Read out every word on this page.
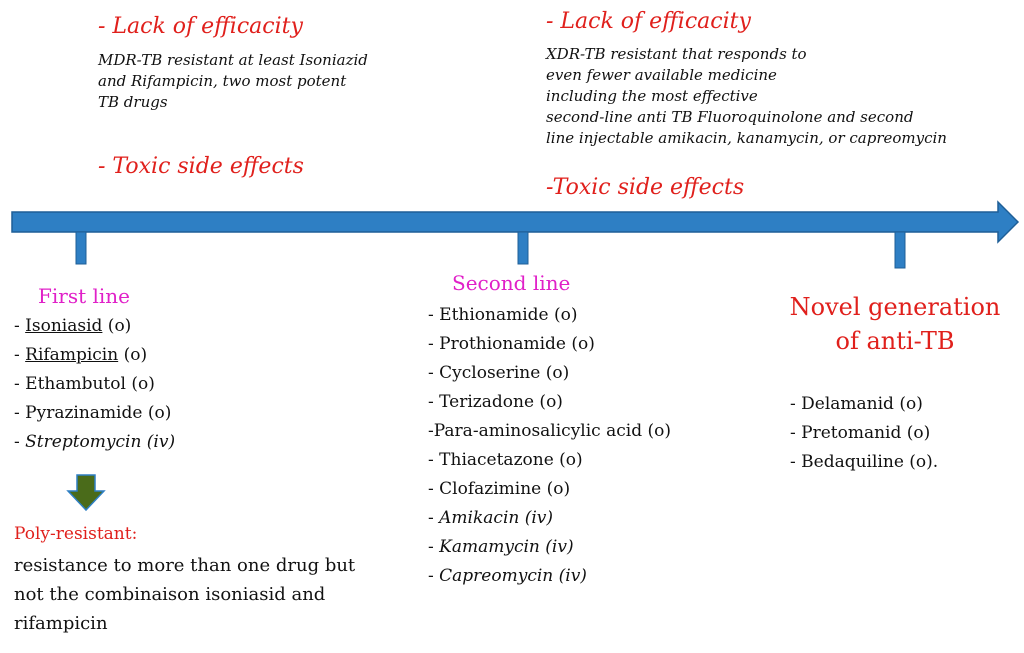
- Lack of efficacity
MDR-TB resistant at least Isoniazid
and Rifampicin, two most potent
TB drugs
- Toxic side effects
- Lack of efficacity
XDR-TB resistant that responds to
even fewer available medicine
including the most effective
second-line anti TB Fluoroquinolone and second
line injectable amikacin, kanamycin, or capreomycin
-Toxic side effects
First line
- Isoniasid (o)
- Rifampicin (o)
- Ethambutol (o)
- Pyrazinamide (o)
- Streptomycin (iv)
Poly-resistant:
resistance to more than one drug but
not the combinaison isoniasid and
rifampicin
Second line
- Ethionamide (o)
- Prothionamide (o)
- Cycloserine (o)
- Terizadone (o)
-Para-aminosalicylic acid (o)
- Thiacetazone (o)
- Clofazimine (o)
- Amikacin (iv)
- Kamamycin (iv)
- Capreomycin (iv)
Novel generation
of anti-TB
- Delamanid (o)
- Pretomanid (o)
- Bedaquiline (o).
